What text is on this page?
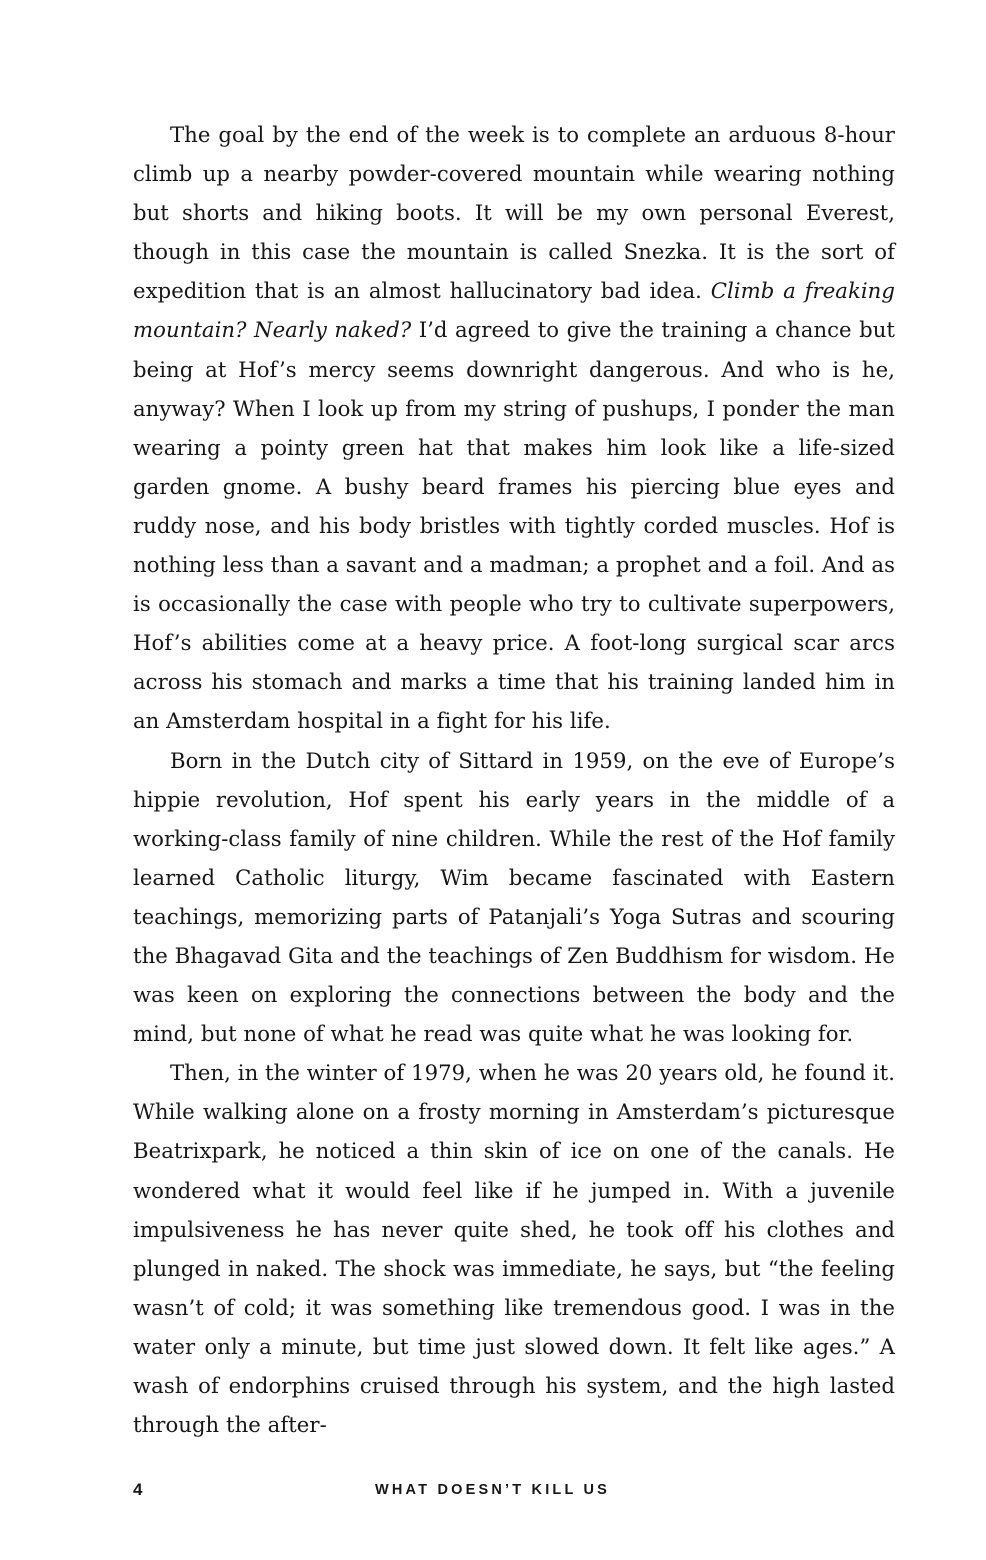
The goal by the end of the week is to complete an arduous 8-hour climb up a nearby powder-covered mountain while wearing nothing but shorts and hiking boots. It will be my own personal Everest, though in this case the mountain is called Snezka. It is the sort of expedition that is an almost hallucinatory bad idea. Climb a freaking mountain? Nearly naked? I’d agreed to give the training a chance but being at Hof’s mercy seems downright dangerous. And who is he, anyway? When I look up from my string of pushups, I ponder the man wearing a pointy green hat that makes him look like a life-sized garden gnome. A bushy beard frames his piercing blue eyes and ruddy nose, and his body bristles with tightly corded muscles. Hof is nothing less than a savant and a madman; a prophet and a foil. And as is occasionally the case with people who try to cultivate superpowers, Hof’s abilities come at a heavy price. A foot-long surgical scar arcs across his stomach and marks a time that his training landed him in an Amsterdam hospital in a fight for his life.

Born in the Dutch city of Sittard in 1959, on the eve of Europe’s hippie revolution, Hof spent his early years in the middle of a working-class family of nine children. While the rest of the Hof family learned Catholic liturgy, Wim became fascinated with Eastern teachings, memorizing parts of Patanjali’s Yoga Sutras and scouring the Bhagavad Gita and the teachings of Zen Buddhism for wisdom. He was keen on exploring the connections between the body and the mind, but none of what he read was quite what he was looking for.

Then, in the winter of 1979, when he was 20 years old, he found it. While walking alone on a frosty morning in Amsterdam’s picturesque Beatrixpark, he noticed a thin skin of ice on one of the canals. He wondered what it would feel like if he jumped in. With a juvenile impulsiveness he has never quite shed, he took off his clothes and plunged in naked. The shock was immediate, he says, but “the feeling wasn’t of cold; it was something like tremendous good. I was in the water only a minute, but time just slowed down. It felt like ages.” A wash of endorphins cruised through his system, and the high lasted through the after-

4	WHAT DOESN’T KILL US
